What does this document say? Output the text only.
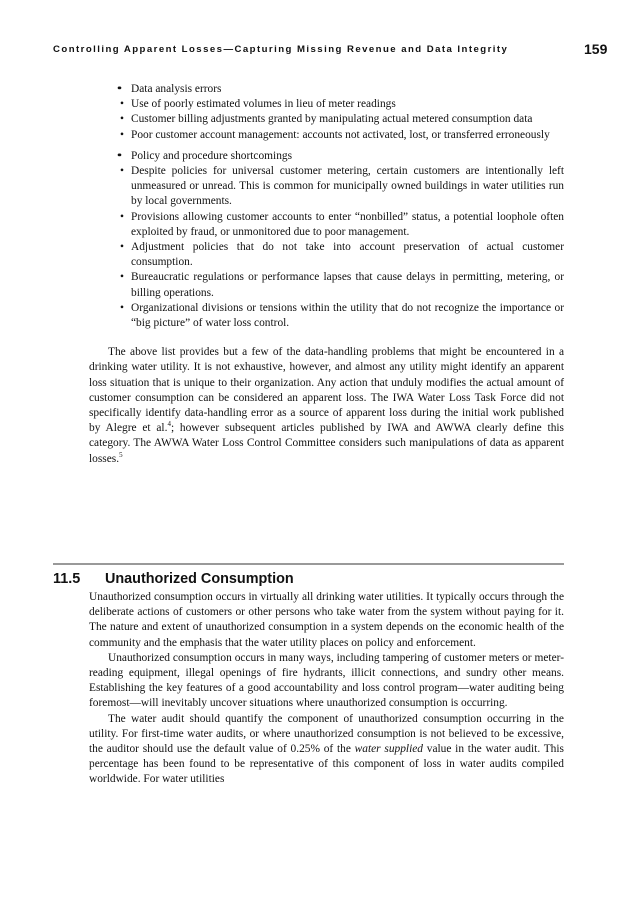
Controlling Apparent Losses—Capturing Missing Revenue and Data Integrity	159
• • Data analysis errors
• Use of poorly estimated volumes in lieu of meter readings
• Customer billing adjustments granted by manipulating actual metered consumption data
• Poor customer account management: accounts not activated, lost, or transferred erroneously
• • Policy and procedure shortcomings
• Despite policies for universal customer metering, certain customers are intentionally left unmeasured or unread. This is common for municipally owned buildings in water utilities run by local governments.
• Provisions allowing customer accounts to enter “nonbilled” status, a potential loophole often exploited by fraud, or unmonitored due to poor management.
• Adjustment policies that do not take into account preservation of actual customer consumption.
• Bureaucratic regulations or performance lapses that cause delays in permitting, metering, or billing operations.
• Organizational divisions or tensions within the utility that do not recognize the importance or “big picture” of water loss control.

The above list provides but a few of the data-handling problems that might be encountered in a drinking water utility. It is not exhaustive, however, and almost any utility might identify an apparent loss situation that is unique to their organization. Any action that unduly modifies the actual amount of customer consumption can be considered an apparent loss. The IWA Water Loss Task Force did not specifically identify data-handling error as a source of apparent loss during the initial work published by Alegre et al.$^4$; however subsequent articles published by IWA and AWWA clearly define this category. The AWWA Water Loss Control Committee considers such manipulations of data as apparent losses.$^5$

11.5 Unauthorized Consumption

Unauthorized consumption occurs in virtually all drinking water utilities. It typically occurs through the deliberate actions of customers or other persons who take water from the system without paying for it. The nature and extent of unauthorized consumption in a system depends on the economic health of the community and the emphasis that the water utility places on policy and enforcement.

Unauthorized consumption occurs in many ways, including tampering of customer meters or meter-reading equipment, illegal openings of fire hydrants, illicit connections, and sundry other means. Establishing the key features of a good accountability and loss control program—water auditing being foremost—will inevitably uncover situations where unauthorized consumption is occurring.

The water audit should quantify the component of unauthorized consumption occurring in the utility. For first-time water audits, or where unauthorized consumption is not believed to be excessive, the auditor should use the default value of 0.25% of the water supplied value in the water audit. This percentage has been found to be representative of this component of loss in water audits compiled worldwide. For water utilities
